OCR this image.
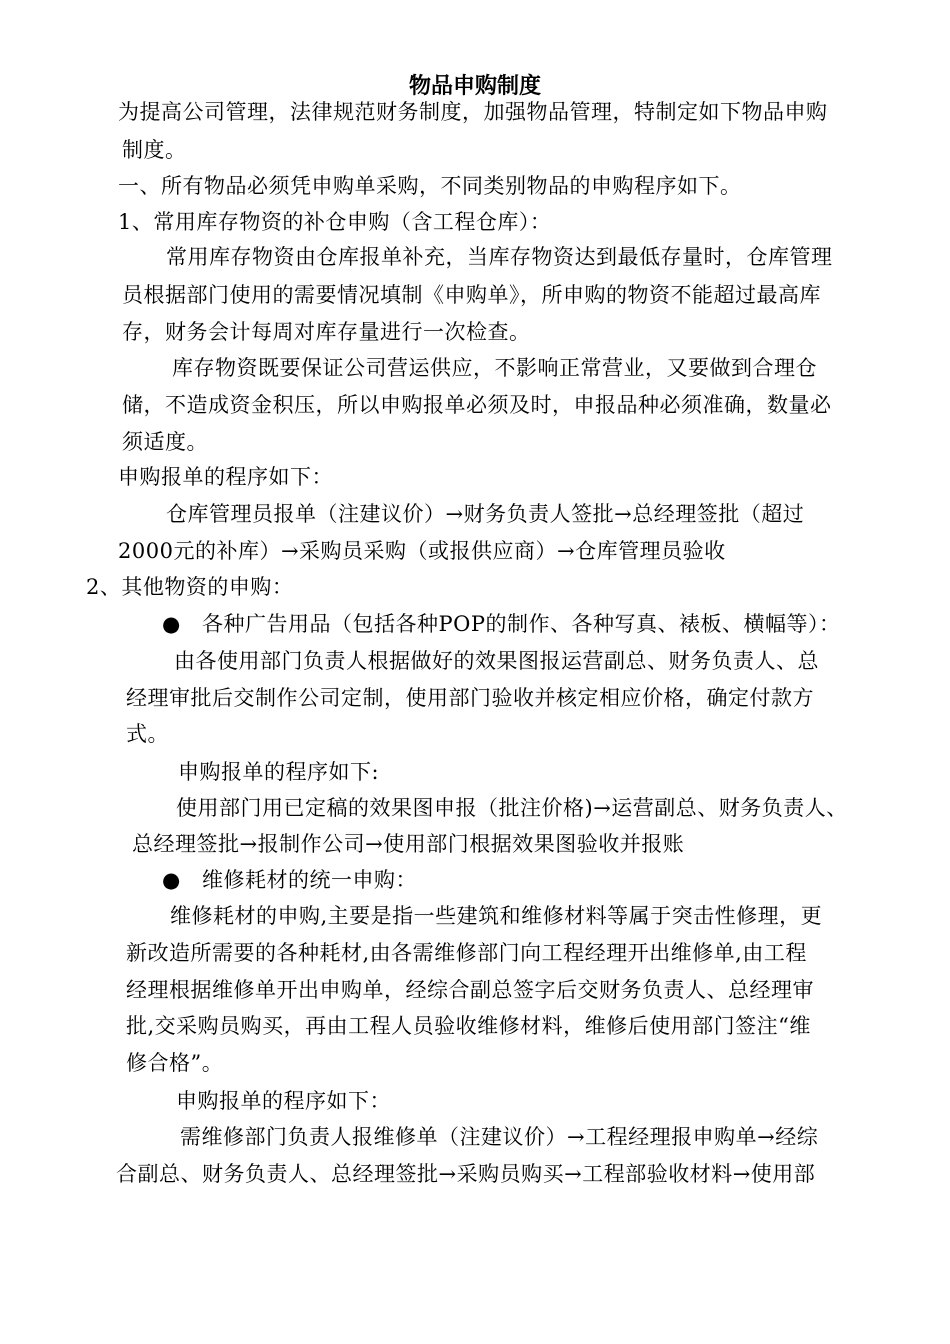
物品申购制度
为提高公司管理，法律规范财务制度，加强物品管理，特制定如下物品申购
制度。
一、所有物品必须凭申购单采购，不同类别物品的申购程序如下。
1、常用库存物资的补仓申购（含工程仓库）：
常用库存物资由仓库报单补充，当库存物资达到最低存量时，仓库管理
员根据部门使用的需要情况填制《申购单》，所申购的物资不能超过最高库
存，财务会计每周对库存量进行一次检查。
库存物资既要保证公司营运供应，不影响正常营业，又要做到合理仓
储，不造成资金积压，所以申购报单必须及时，申报品种必须准确，数量必
须适度。
申购报单的程序如下：
仓库管理员报单（注建议价）→财务负责人签批→总经理签批（超过
2000元的补库）→采购员采购（或报供应商）→仓库管理员验收
2、其他物资的申购：
● 各种广告用品（包括各种POP的制作、各种写真、裱板、横幅等）：
由各使用部门负责人根据做好的效果图报运营副总、财务负责人、总
经理审批后交制作公司定制，使用部门验收并核定相应价格，确定付款方
式。
申购报单的程序如下:
使用部门用已定稿的效果图申报（批注价格)→运营副总、财务负责人、
总经理签批→报制作公司→使用部门根据效果图验收并报账
● 维修耗材的统一申购：
维修耗材的申购,主要是指一些建筑和维修材料等属于突击性修理，更
新改造所需要的各种耗材,由各需维修部门向工程经理开出维修单,由工程
经理根据维修单开出申购单，经综合副总签字后交财务负责人、总经理审
批,交采购员购买，再由工程人员验收维修材料，维修后使用部门签注“维
修合格”。
申购报单的程序如下：
需维修部门负责人报维修单（注建议价）→工程经理报申购单→经综
合副总、财务负责人、总经理签批→采购员购买→工程部验收材料→使用部
